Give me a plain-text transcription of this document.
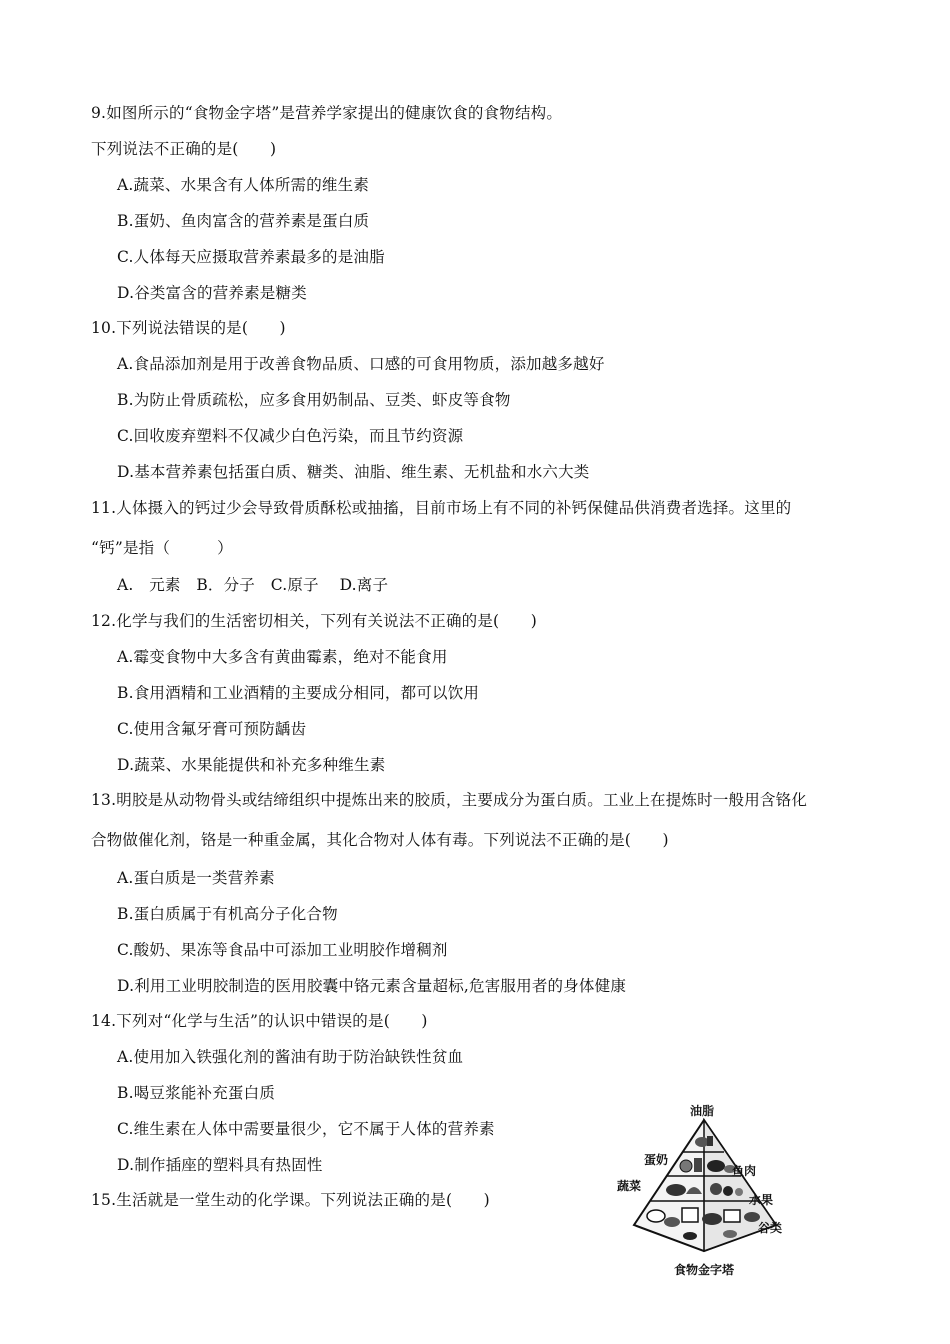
9.如图所示的“食物金字塔”是营养学家提出的健康饮食的食物结构。
下列说法不正确的是(　　)
A.蔬菜、水果含有人体所需的维生素
B.蛋奶、鱼肉富含的营养素是蛋白质
C.人体每天应摄取营养素最多的是油脂
D.谷类富含的营养素是糖类
10.下列说法错误的是(　　)
A.食品添加剂是用于改善食物品质、口感的可食用物质，添加越多越好
B.为防止骨质疏松，应多食用奶制品、豆类、虾皮等食物
C.回收废弃塑料不仅减少白色污染，而且节约资源
D.基本营养素包括蛋白质、糖类、油脂、维生素、无机盐和水六大类
11.人体摄入的钙过少会导致骨质酥松或抽搐，目前市场上有不同的补钙保健品供消费者选择。这里的
“钙”是指（　　　）
A.　元素　B．分子　C.原子　 D.离子
12.化学与我们的生活密切相关，下列有关说法不正确的是(　　)
A.霉变食物中大多含有黄曲霉素，绝对不能食用
B.食用酒精和工业酒精的主要成分相同，都可以饮用
C.使用含氟牙膏可预防龋齿
D.蔬菜、水果能提供和补充多种维生素
13.明胶是从动物骨头或结缔组织中提炼出来的胶质，主要成分为蛋白质。工业上在提炼时一般用含铬化
合物做催化剂，铬是一种重金属，其化合物对人体有毒。下列说法不正确的是(　　)
A.蛋白质是一类营养素
B.蛋白质属于有机高分子化合物
C.酸奶、果冻等食品中可添加工业明胶作增稠剂
D.利用工业明胶制造的医用胶囊中铬元素含量超标,危害服用者的身体健康
14.下列对“化学与生活”的认识中错误的是(　　)
A.使用加入铁强化剂的酱油有助于防治缺铁性贫血
B.喝豆浆能补充蛋白质
C.维生素在人体中需要量很少，它不属于人体的营养素
D.制作插座的塑料具有热固性
15.生活就是一堂生动的化学课。下列说法正确的是(　　)
油脂
蛋奶
鱼肉
蔬菜
水果
谷类
食物金字塔
